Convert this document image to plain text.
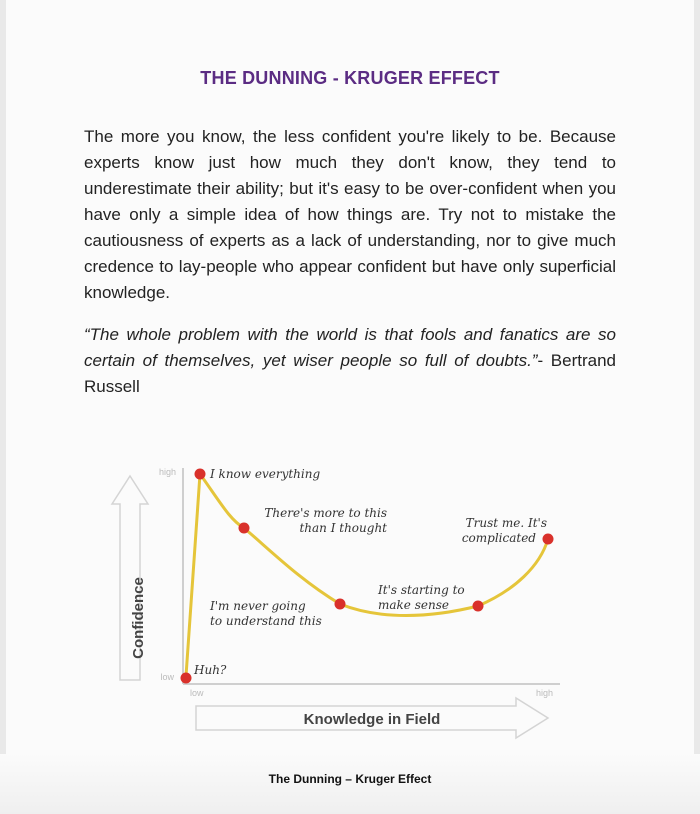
THE DUNNING - KRUGER EFFECT

The more you know, the less confident you're likely to be. Because experts know just how much they don't know, they tend to underestimate their ability; but it's easy to be over-confident when you have only a simple idea of how things are. Try not to mistake the cautiousness of experts as a lack of understanding, nor to give much credence to lay-people who appear confident but have only superficial knowledge.

“The whole problem with the world is that fools and fanatics are so certain of themselves, yet wiser people so full of doubts.”- Bertrand Russell

Confidence
high
low
low	high
Knowledge in Field
Huh?
I know everything
There's more to this
than I thought
I'm never going
to understand this
It's starting to
make sense
Trust me. It's
complicated
The Dunning – Kruger Effect
